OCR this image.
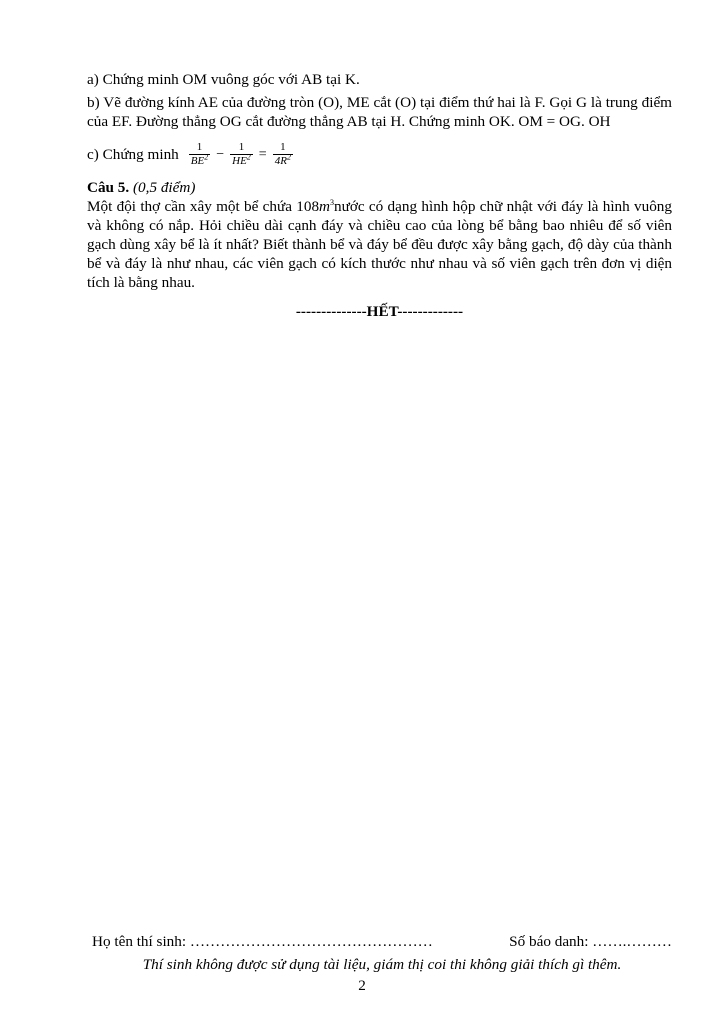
a) Chứng minh OM vuông góc với AB tại K.

b) Vẽ đường kính AE của đường tròn (O), ME cắt (O) tại điểm thứ hai là F. Gọi G là trung điểm của EF. Đường thẳng OG cắt đường thẳng AB tại H. Chứng minh OK. OM = OG. OH

c) Chứng minh $\frac{1}{BE^2} - \frac{1}{HE^2} = \frac{1}{4R^2}$

Câu 5. (0,5 điểm)

Một đội thợ cần xây một bể chứa $108m^3nước$ có dạng hình hộp chữ nhật với đáy là hình vuông và không có nắp. Hỏi chiều dài cạnh đáy và chiều cao của lòng bể bằng bao nhiêu để số viên gạch dùng xây bể là ít nhất? Biết thành bể và đáy bể đều được xây bằng gạch, độ dày của thành bể và đáy là như nhau, các viên gạch có kích thước như nhau và số viên gạch trên đơn vị diện tích là bằng nhau.

--------------HẾT-------------

Họ tên thí sinh: …………………………………………	Số báo danh: …….………
Thí sinh không được sử dụng tài liệu, giám thị coi thi không giải thích gì thêm.
2
